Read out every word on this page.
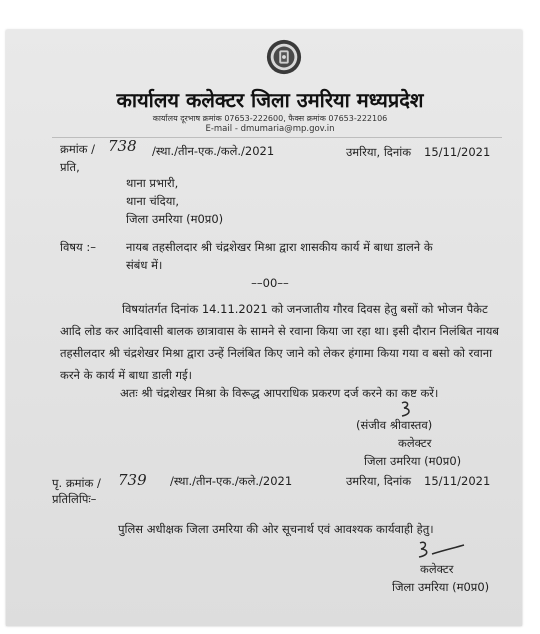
कार्यालय कलेक्टर जिला उमरिया मध्यप्रदेश
कार्यालय दूरभाष क्रमांक 07653-222600, फैक्स क्रमांक 07653-222106
E-mail - dmumaria@mp.gov.in
क्रमांक / 738 /स्था./तीन-एक./कले./2021	उमरिया, दिनांक 15/11/2021
प्रति,
थाना प्रभारी,
थाना चंदिया,
जिला उमरिया (म0प्र0)
विषय :–	नायब तहसीलदार श्री चंद्रशेखर मिश्रा द्वारा शासकीय कार्य में बाधा डालने के
संबंध में।
––00––
विषयांतर्गत दिनांक 14.11.2021 को जनजातीय गौरव दिवस हेतु बसों को भोजन पैकेट आदि लोड कर आदिवासी बालक छात्रावास के सामने से रवाना किया जा रहा था। इसी दौरान निलंबित नायब तहसीलदार श्री चंद्रशेखर मिश्रा द्वारा उन्हें निलंबित किए जाने को लेकर हंगामा किया गया व बसो को रवाना करने के कार्य में बाधा डाली गई।
अतः श्री चंद्रशेखर मिश्रा के विरूद्ध आपराधिक प्रकरण दर्ज करने का कष्ट करें।
(संजीव श्रीवास्तव)
कलेक्टर
जिला उमरिया (म0प्र0)
पृ. क्रमांक / 739 /स्था./तीन-एक./कले./2021	उमरिया, दिनांक 15/11/2021
प्रतिलिपिः–
पुलिस अधीक्षक जिला उमरिया की ओर सूचनार्थ एवं आवश्यक कार्यवाही हेतु।
कलेक्टर
जिला उमरिया (म0प्र0)
